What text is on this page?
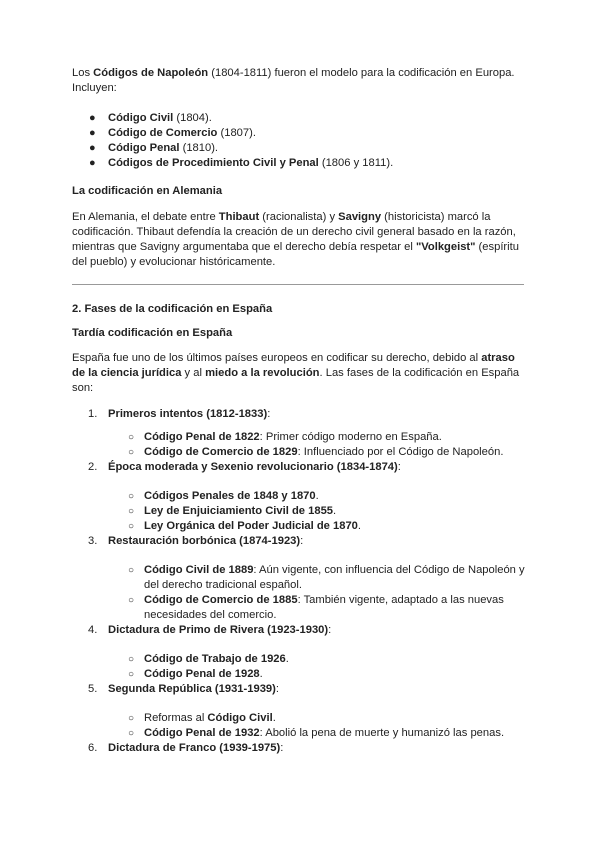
Los Códigos de Napoleón (1804-1811) fueron el modelo para la codificación en Europa. Incluyen:

● Código Civil (1804).
● Código de Comercio (1807).
● Código Penal (1810).
● Códigos de Procedimiento Civil y Penal (1806 y 1811).
La codificación en Alemania

En Alemania, el debate entre Thibaut (racionalista) y Savigny (historicista) marcó la codificación. Thibaut defendía la creación de un derecho civil general basado en la razón, mientras que Savigny argumentaba que el derecho debía respetar el "Volkgeist" (espíritu del pueblo) y evolucionar históricamente.

2. Fases de la codificación en España
Tardía codificación en España

España fue uno de los últimos países europeos en codificar su derecho, debido al atraso de la ciencia jurídica y al miedo a la revolución. Las fases de la codificación en España son:

1. Primeros intentos (1812-1833):
○ Código Penal de 1822: Primer código moderno en España.
○ Código de Comercio de 1829: Influenciado por el Código de Napoleón.
2. Época moderada y Sexenio revolucionario (1834-1874):
○ Códigos Penales de 1848 y 1870.
○ Ley de Enjuiciamiento Civil de 1855.
○ Ley Orgánica del Poder Judicial de 1870.
3. Restauración borbónica (1874-1923):
○ Código Civil de 1889: Aún vigente, con influencia del Código de Napoleón y del derecho tradicional español.
○ Código de Comercio de 1885: También vigente, adaptado a las nuevas necesidades del comercio.
4. Dictadura de Primo de Rivera (1923-1930):
○ Código de Trabajo de 1926.
○ Código Penal de 1928.
5. Segunda República (1931-1939):
○ Reformas al Código Civil.
○ Código Penal de 1932: Abolió la pena de muerte y humanizó las penas.
6. Dictadura de Franco (1939-1975):
